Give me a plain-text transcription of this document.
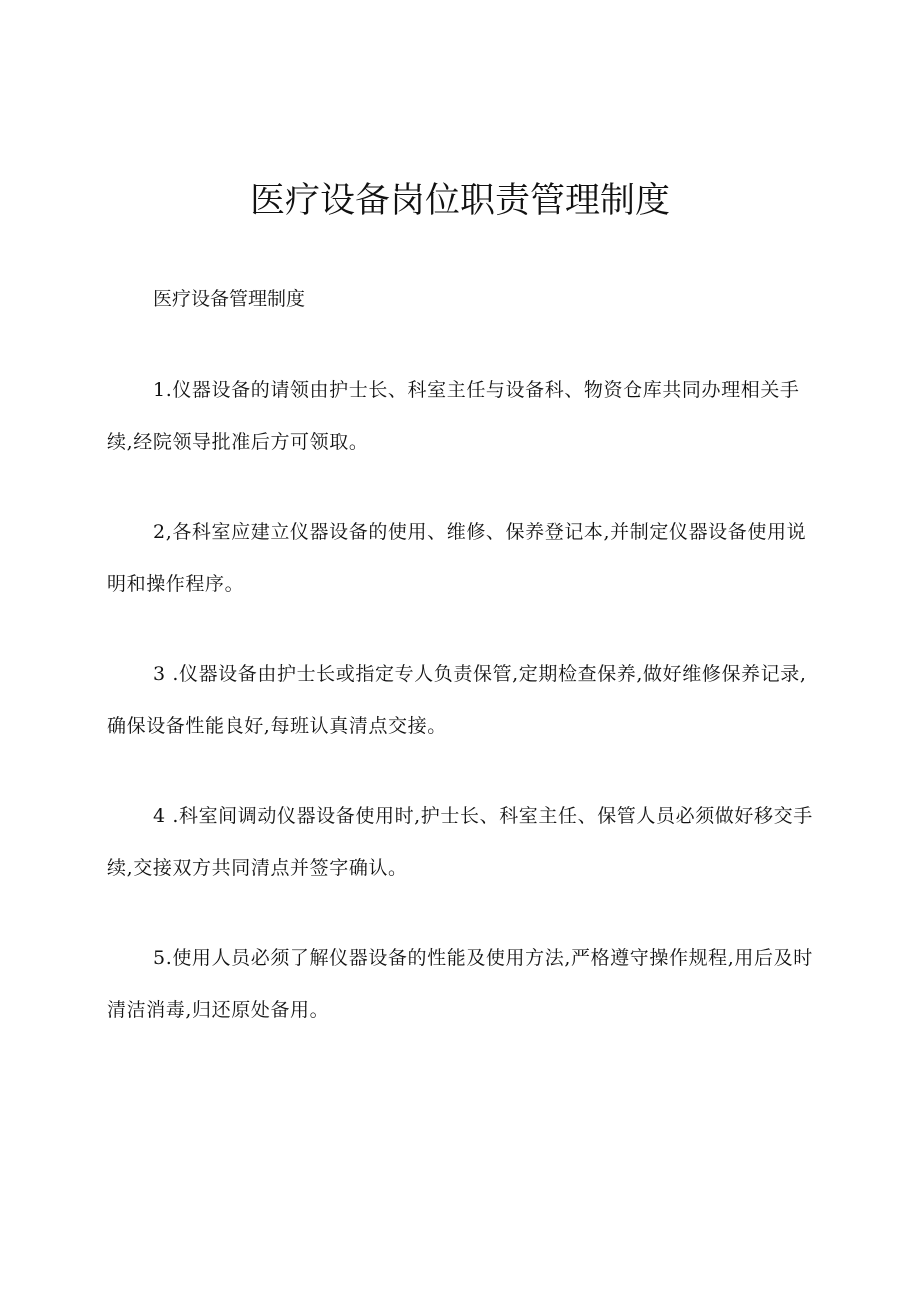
医疗设备岗位职责管理制度

医疗设备管理制度

1.仪器设备的请领由护士长、科室主任与设备科、物资仓库共同办理相关手续,经院领导批准后方可领取。

2,各科室应建立仪器设备的使用、维修、保养登记本,并制定仪器设备使用说明和操作程序。

3 .仪器设备由护士长或指定专人负责保管,定期检查保养,做好维修保养记录,确保设备性能良好,每班认真清点交接。

4 .科室间调动仪器设备使用时,护士长、科室主任、保管人员必须做好移交手续,交接双方共同清点并签字确认。

5.使用人员必须了解仪器设备的性能及使用方法,严格遵守操作规程,用后及时清洁消毒,归还原处备用。
